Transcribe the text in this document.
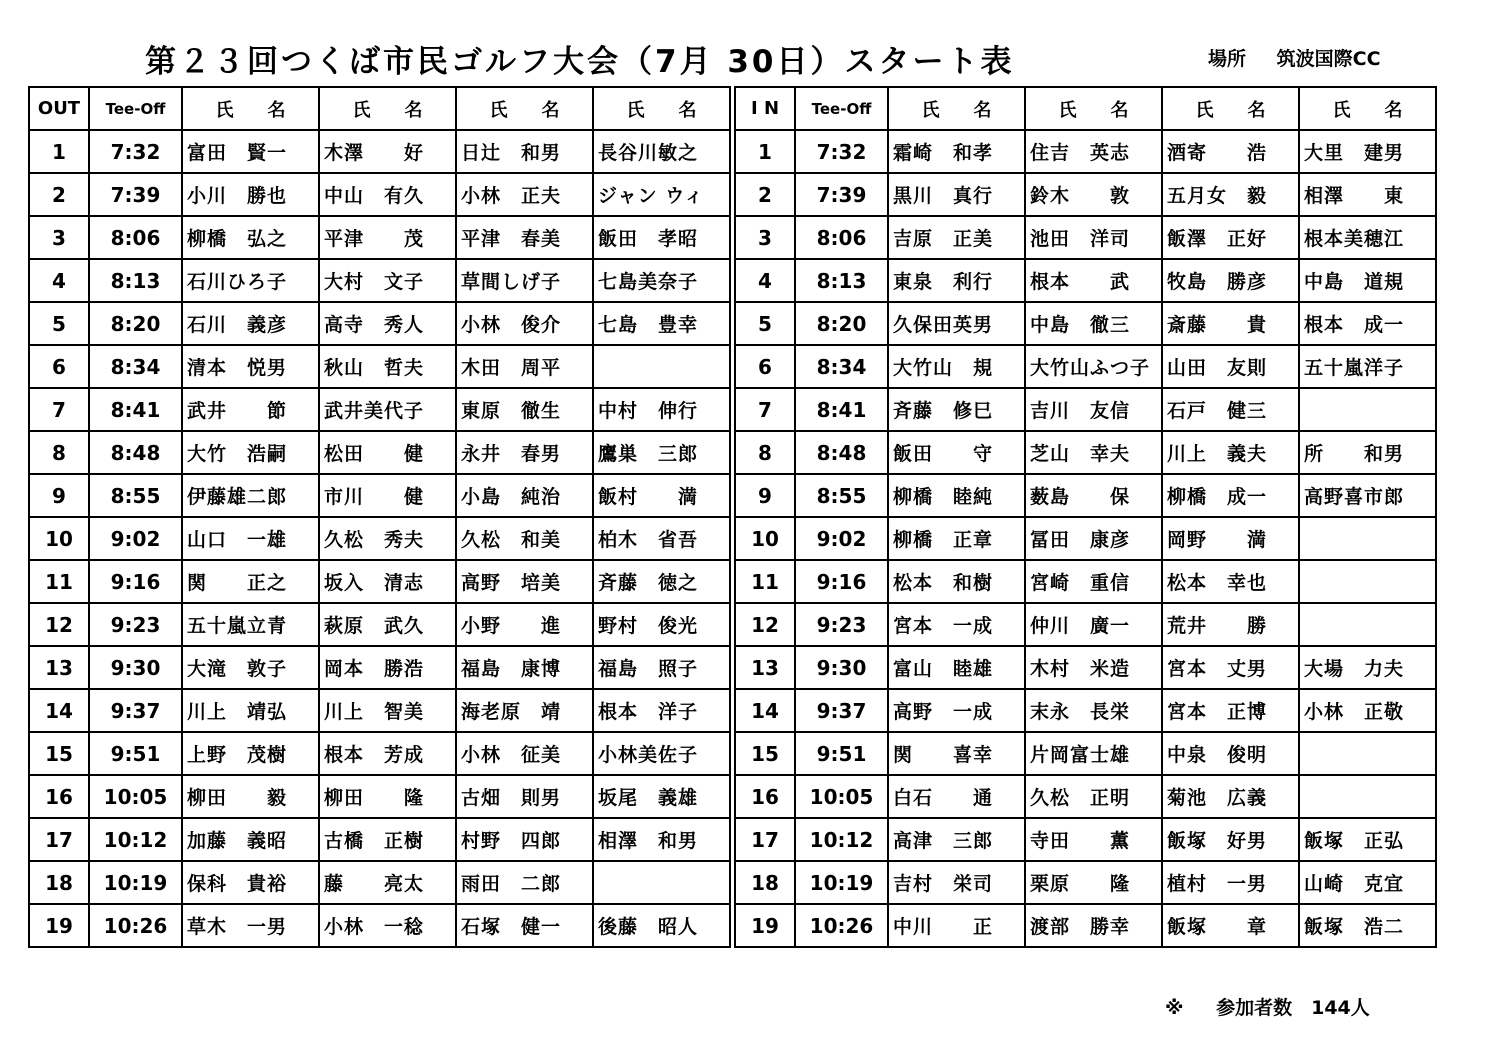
第２３回つくば市民ゴルフ大会（7月 30日）スタート表	場所 筑波国際CC
OUT	Tee-Off	氏 名	氏 名	氏 名	氏 名
1	7:32	富田　賢一	木澤　　好	日辻　和男	長谷川敏之
2	7:39	小川　勝也	中山　有久	小林　正夫	ジャン ウィ
3	8:06	柳橋　弘之	平津　　茂	平津　春美	飯田　孝昭
4	8:13	石川ひろ子	大村　文子	草間しげ子	七島美奈子
5	8:20	石川　義彦	高寺　秀人	小林　俊介	七島　豊幸
6	8:34	清本　悦男	秋山　哲夫	木田　周平	
7	8:41	武井　　節	武井美代子	東原　徹生	中村　伸行
8	8:48	大竹　浩嗣	松田　　健	永井　春男	鷹巣　三郎
9	8:55	伊藤雄二郎	市川　　健	小島　純治	飯村　　満
10	9:02	山口　一雄	久松　秀夫	久松　和美	柏木　省吾
11	9:16	関　　正之	坂入　清志	高野　培美	斉藤　徳之
12	9:23	五十嵐立青	萩原　武久	小野　　進	野村　俊光
13	9:30	大滝　敦子	岡本　勝浩	福島　康博	福島　照子
14	9:37	川上　靖弘	川上　智美	海老原　靖	根本　洋子
15	9:51	上野　茂樹	根本　芳成	小林　征美	小林美佐子
16	10:05	柳田　　毅	柳田　　隆	古畑　則男	坂尾　義雄
17	10:12	加藤　義昭	古橋　正樹	村野　四郎	相澤　和男
18	10:19	保科　貴裕	藤　　亮太	雨田　二郎	
19	10:26	草木　一男	小林　一稔	石塚　健一	後藤　昭人
I N	Tee-Off	氏 名	氏 名	氏 名	氏 名
1	7:32	霜崎　和孝	住吉　英志	酒寄　　浩	大里　建男
2	7:39	黒川　真行	鈴木　　敦	五月女　毅	相澤　　東
3	8:06	吉原　正美	池田　洋司	飯澤　正好	根本美穂江
4	8:13	東泉　利行	根本　　武	牧島　勝彦	中島　道規
5	8:20	久保田英男	中島　徹三	斎藤　　貴	根本　成一
6	8:34	大竹山　規	大竹山ふつ子	山田　友則	五十嵐洋子
7	8:41	斉藤　修巳	吉川　友信	石戸　健三	
8	8:48	飯田　　守	芝山　幸夫	川上　義夫	所　　和男
9	8:55	柳橋　睦純	薮島　　保	柳橋　成一	高野喜市郎
10	9:02	柳橋　正章	冨田　康彦	岡野　　満	
11	9:16	松本　和樹	宮崎　重信	松本　幸也	
12	9:23	宮本　一成	仲川　廣一	荒井　　勝	
13	9:30	富山　睦雄	木村　米造	宮本　丈男	大場　力夫
14	9:37	高野　一成	末永　長栄	宮本　正博	小林　正敬
15	9:51	関　　喜幸	片岡富士雄	中泉　俊明	
16	10:05	白石　　通	久松　正明	菊池　広義	
17	10:12	高津　三郎	寺田　　薫	飯塚　好男	飯塚　正弘
18	10:19	吉村　栄司	栗原　　隆	植村　一男	山崎　克宜
19	10:26	中川　　正	渡部　勝幸	飯塚　　章	飯塚　浩二
※ 参加者数　144人
